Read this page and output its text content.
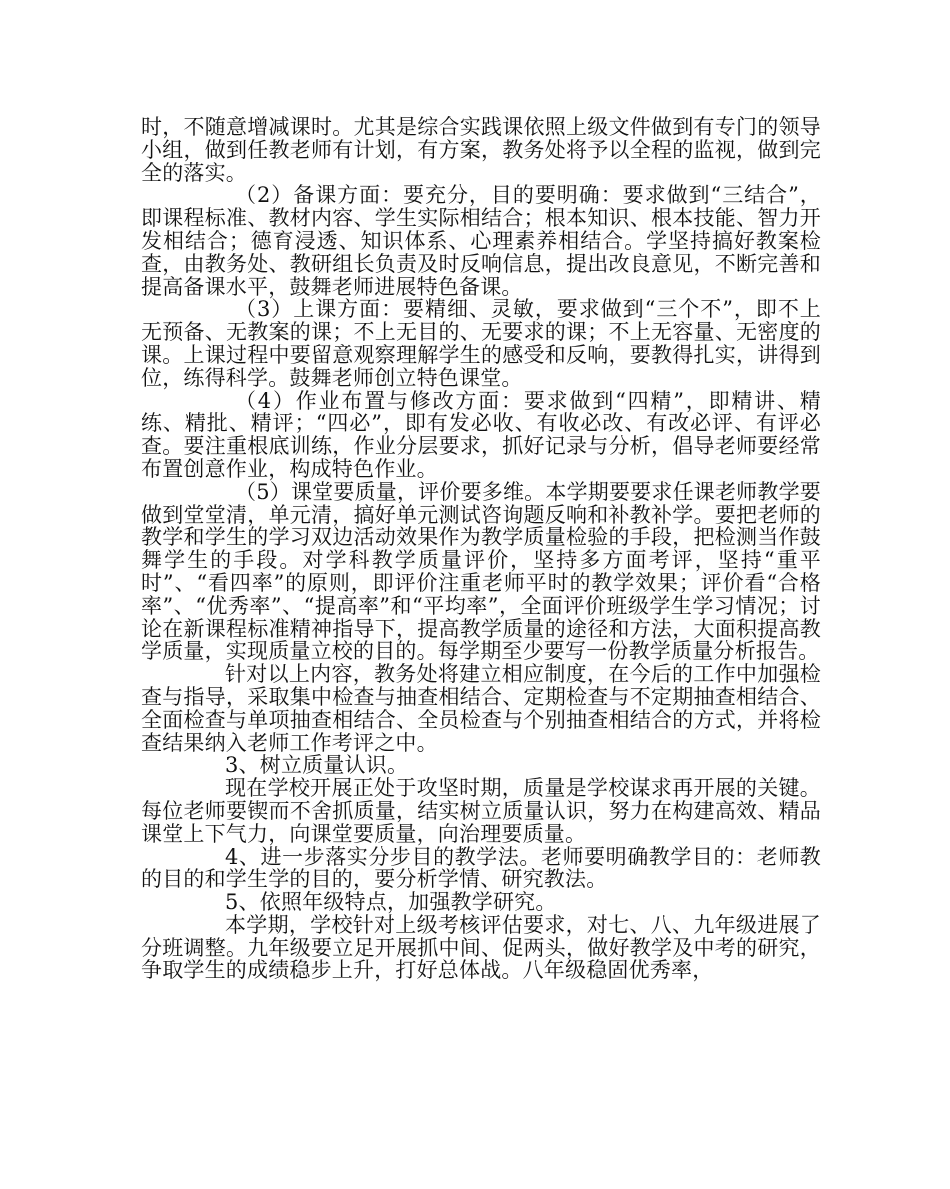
时，不随意增减课时。尤其是综合实践课依照上级文件做到有专门的领导小组，做到任教老师有计划，有方案，教务处将予以全程的监视，做到完全的落实。

（2）备课方面：要充分，目的要明确：要求做到“三结合”，即课程标准、教材内容、学生实际相结合；根本知识、根本技能、智力开发相结合；德育浸透、知识体系、心理素养相结合。学坚持搞好教案检查，由教务处、教研组长负责及时反响信息，提出改良意见，不断完善和提高备课水平，鼓舞老师进展特色备课。

（3）上课方面：要精细、灵敏，要求做到“三个不”，即不上无预备、无教案的课；不上无目的、无要求的课；不上无容量、无密度的课。上课过程中要留意观察理解学生的感受和反响，要教得扎实，讲得到位，练得科学。鼓舞老师创立特色课堂。

（4）作业布置与修改方面：要求做到“四精”，即精讲、精练、精批、精评；“四必”，即有发必收、有收必改、有改必评、有评必查。要注重根底训练，作业分层要求，抓好记录与分析，倡导老师要经常布置创意作业，构成特色作业。

（5）课堂要质量，评价要多维。本学期要要求任课老师教学要做到堂堂清，单元清，搞好单元测试咨询题反响和补教补学。要把老师的教学和学生的学习双边活动效果作为教学质量检验的手段，把检测当作鼓舞学生的手段。对学科教学质量评价，坚持多方面考评，坚持“重平时”、“看四率”的原则，即评价注重老师平时的教学效果；评价看“合格率”、“优秀率”、“提高率”和“平均率”，全面评价班级学生学习情况；讨论在新课程标准精神指导下，提高教学质量的途径和方法，大面积提高教学质量，实现质量立校的目的。每学期至少要写一份教学质量分析报告。

针对以上内容，教务处将建立相应制度，在今后的工作中加强检查与指导，采取集中检查与抽查相结合、定期检查与不定期抽查相结合、全面检查与单项抽查相结合、全员检查与个别抽查相结合的方式，并将检查结果纳入老师工作考评之中。

3、树立质量认识。

现在学校开展正处于攻坚时期，质量是学校谋求再开展的关键。每位老师要锲而不舍抓质量，结实树立质量认识，努力在构建高效、精品课堂上下气力，向课堂要质量，向治理要质量。

4、进一步落实分步目的教学法。老师要明确教学目的：老师教的目的和学生学的目的，要分析学情、研究教法。

5、依照年级特点，加强教学研究。

本学期，学校针对上级考核评估要求，对七、八、九年级进展了分班调整。九年级要立足开展抓中间、促两头，做好教学及中考的研究，争取学生的成绩稳步上升，打好总体战。八年级稳固优秀率，
